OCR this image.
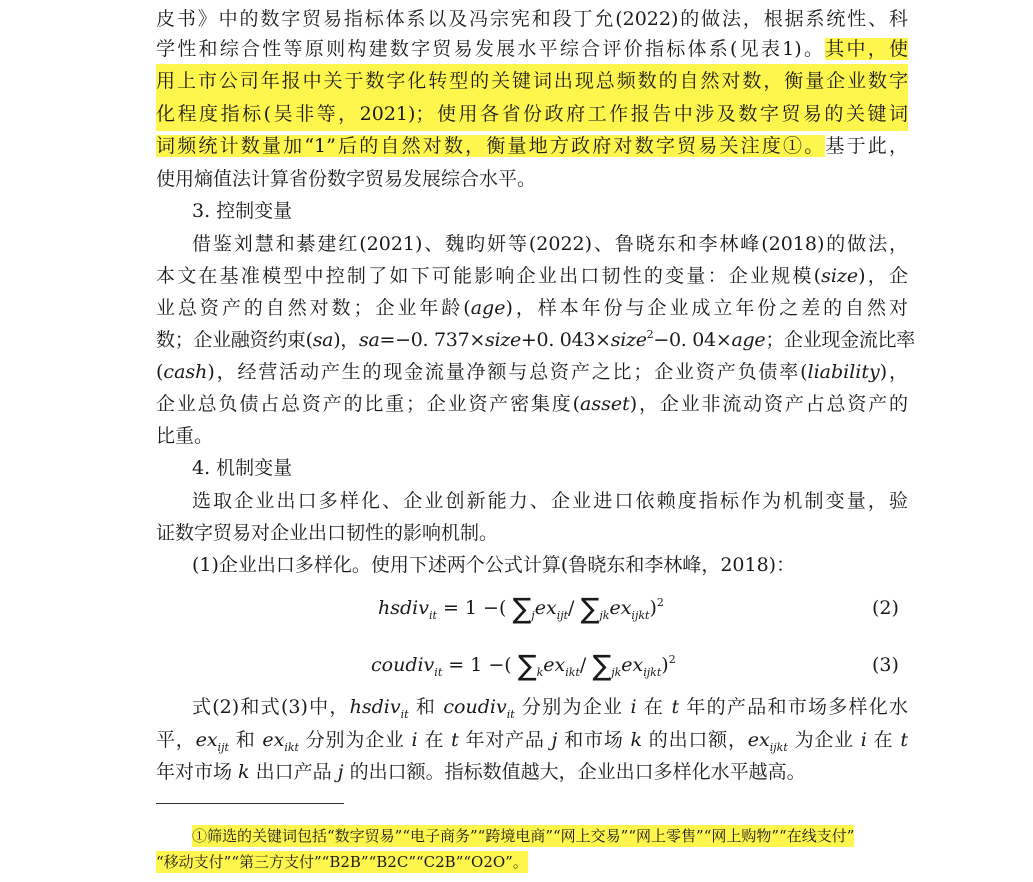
皮书》中的数字贸易指标体系以及冯宗宪和段丁允(2022)的做法，根据系统性、科
学性和综合性等原则构建数字贸易发展水平综合评价指标体系(见表1)。其中，使
用上市公司年报中关于数字化转型的关键词出现总频数的自然对数，衡量企业数字
化程度指标(吴非等，2021)；使用各省份政府工作报告中涉及数字贸易的关键词
词频统计数量加“1”后的自然对数，衡量地方政府对数字贸易关注度①。基于此，
使用熵值法计算省份数字贸易发展综合水平。
3. 控制变量
借鉴刘慧和綦建红(2021)、魏昀妍等(2022)、鲁晓东和李林峰(2018)的做法，
本文在基准模型中控制了如下可能影响企业出口韧性的变量：企业规模(size)，企
业总资产的自然对数；企业年龄(age)，样本年份与企业成立年份之差的自然对
数；企业融资约束(sa)，sa=−0. 737×size+0. 043×size$^2$−0. 04×age；企业现金流比率
(cash)，经营活动产生的现金流量净额与总资产之比；企业资产负债率(liability)，
企业总负债占总资产的比重；企业资产密集度(asset)，企业非流动资产占总资产的
比重。
4. 机制变量
选取企业出口多样化、企业创新能力、企业进口依赖度指标作为机制变量，验
证数字贸易对企业出口韧性的影响机制。
(1)企业出口多样化。使用下述两个公式计算(鲁晓东和李林峰，2018)：
hsdiv$_{it}$ = 1 −( $\sum_jex_{ijt}/$ $\sum_{jk}ex_{ijkt})^2$	(2)
coudiv$_{it}$ = 1 −( $\sum_kex_{ikt}/$ $\sum_{jk}ex_{ijkt})^2$	(3)
式(2)和式(3)中，hsdiv$_{it}$ 和 coudiv$_{it}$ 分别为企业 i 在 t 年的产品和市场多样化水
平，$ex_{ijt}$ 和 $ex_{ikt}$ 分别为企业 i 在 t 年对产品 j 和市场 k 的出口额，$ex_{ijkt}$ 为企业 i 在 t
年对市场 k 出口产品 j 的出口额。指标数值越大，企业出口多样化水平越高。
①筛选的关键词包括“数字贸易”“电子商务”“跨境电商”“网上交易”“网上零售”“网上购物”“在线支付”
“移动支付”“第三方支付”“B2B”“B2C”“C2B”“O2O”。
